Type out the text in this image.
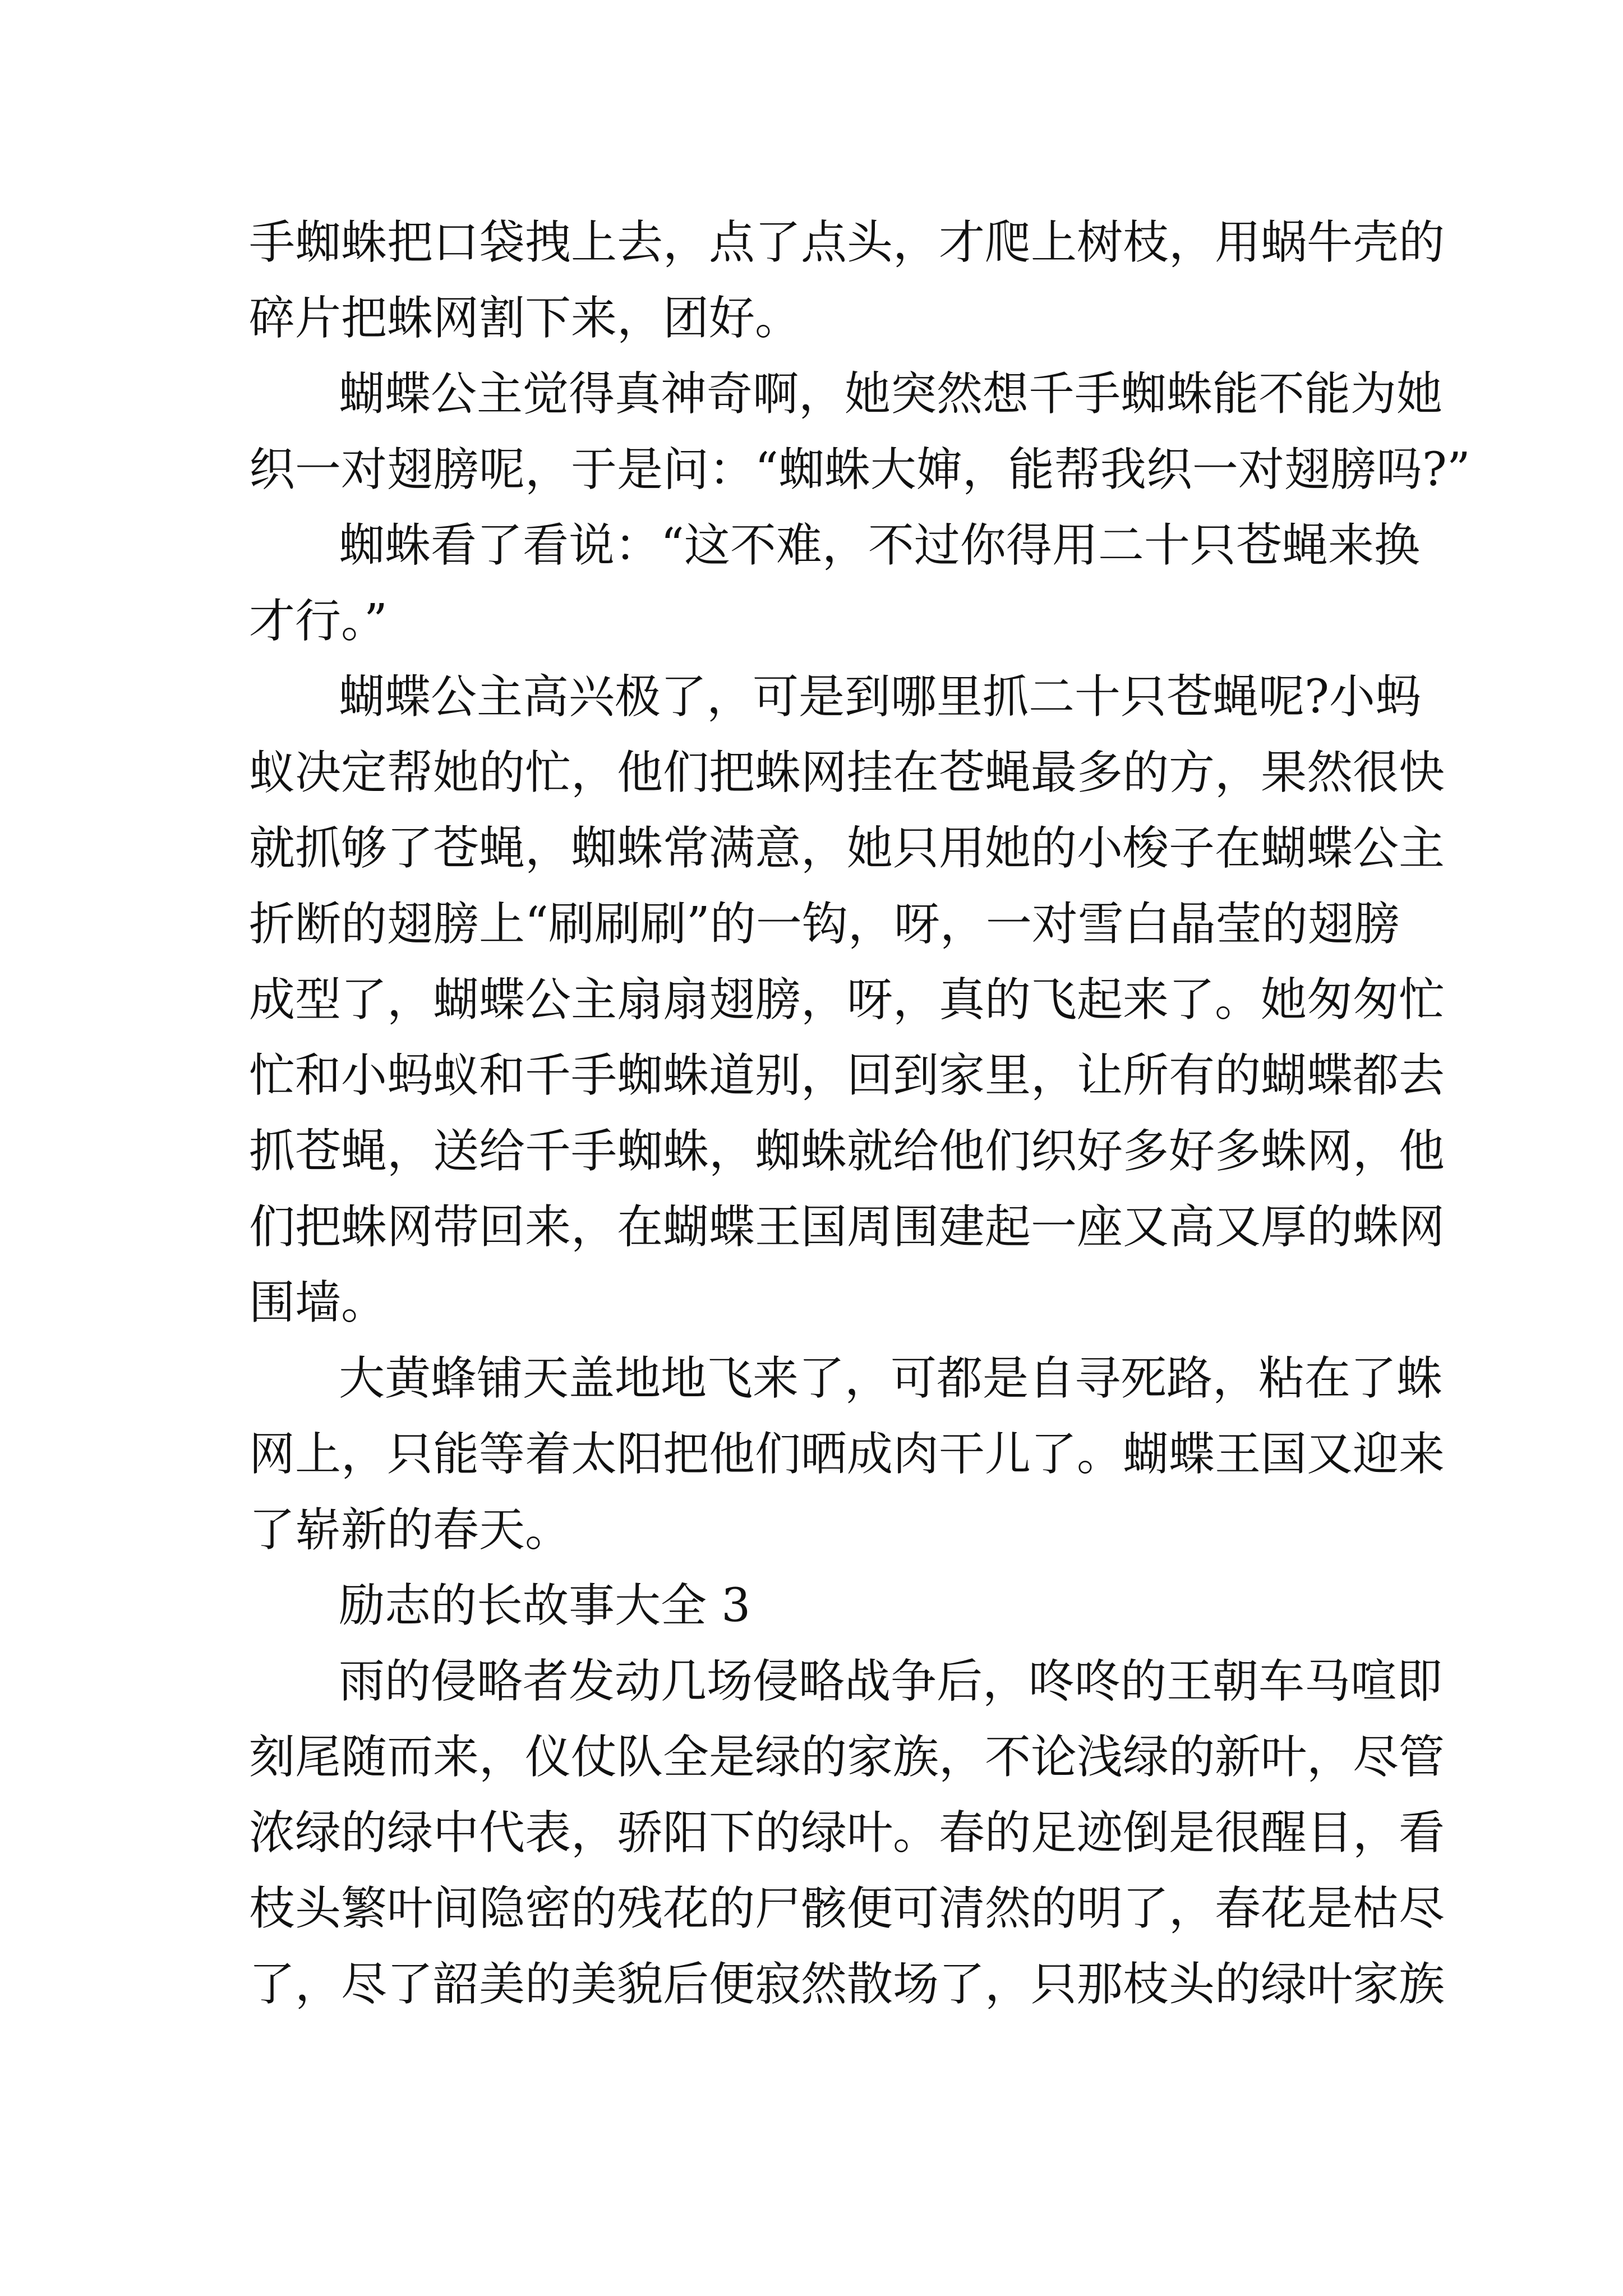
手蜘蛛把口袋拽上去，点了点头，才爬上树枝，用蜗牛壳的
碎片把蛛网割下来，团好。
蝴蝶公主觉得真神奇啊，她突然想千手蜘蛛能不能为她
织一对翅膀呢，于是问：“蜘蛛大婶，能帮我织一对翅膀吗?”
蜘蛛看了看说：“这不难，不过你得用二十只苍蝇来换
才行。”
蝴蝶公主高兴极了，可是到哪里抓二十只苍蝇呢?小蚂
蚁决定帮她的忙，他们把蛛网挂在苍蝇最多的方，果然很快
就抓够了苍蝇，蜘蛛常满意，她只用她的小梭子在蝴蝶公主
折断的翅膀上“刷刷刷”的一钩，呀，一对雪白晶莹的翅膀
成型了，蝴蝶公主扇扇翅膀，呀，真的飞起来了。她匆匆忙
忙和小蚂蚁和千手蜘蛛道别，回到家里，让所有的蝴蝶都去
抓苍蝇，送给千手蜘蛛，蜘蛛就给他们织好多好多蛛网，他
们把蛛网带回来，在蝴蝶王国周围建起一座又高又厚的蛛网
围墙。
大黄蜂铺天盖地地飞来了，可都是自寻死路，粘在了蛛
网上，只能等着太阳把他们晒成肉干儿了。蝴蝶王国又迎来
了崭新的春天。
励志的长故事大全 3
雨的侵略者发动几场侵略战争后，咚咚的王朝车马喧即
刻尾随而来，仪仗队全是绿的家族，不论浅绿的新叶，尽管
浓绿的绿中代表，骄阳下的绿叶。春的足迹倒是很醒目，看
枝头繁叶间隐密的残花的尸骸便可清然的明了，春花是枯尽
了，尽了韶美的美貌后便寂然散场了，只那枝头的绿叶家族
